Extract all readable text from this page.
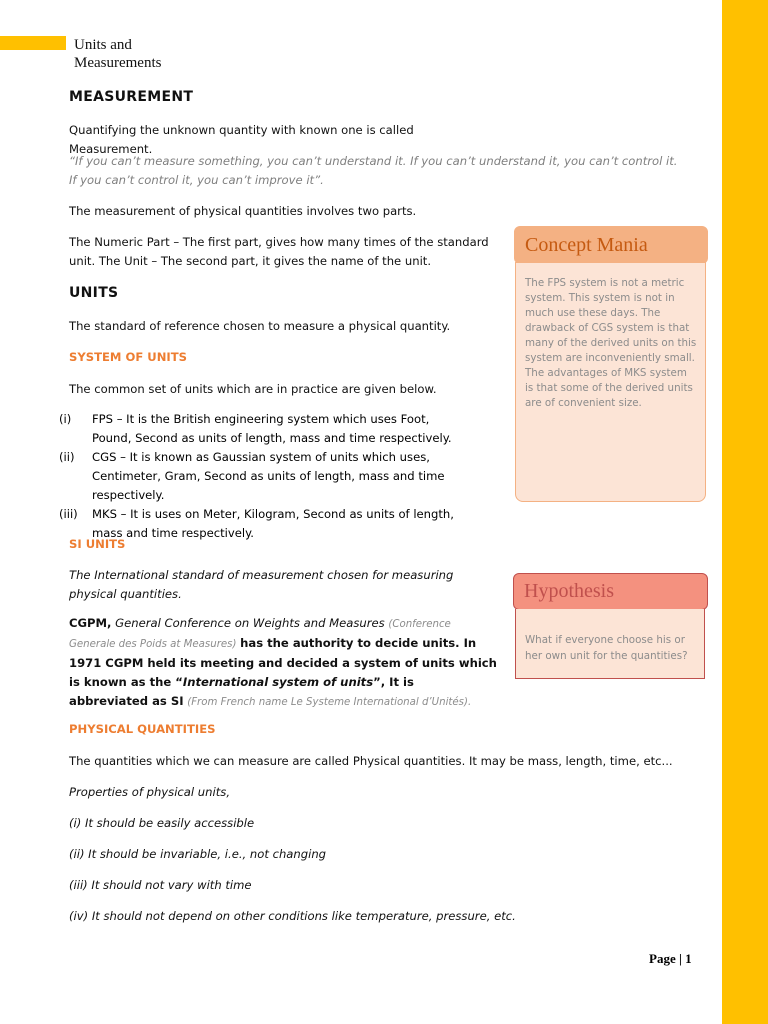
Units and
Measurements
MEASUREMENT
Quantifying the unknown quantity with known one is called Measurement.
“If you can’t measure something, you can’t understand it. If you can’t understand it, you can’t control it. If you can’t control it, you can’t improve it”.
The measurement of physical quantities involves two parts.
The Numeric Part – The first part, gives how many times of the standard unit. The Unit – The second part, it gives the name of the unit.
UNITS
The standard of reference chosen to measure a physical quantity.
SYSTEM OF UNITS
The common set of units which are in practice are given below.
(i)	FPS – It is the British engineering system which uses Foot, Pound, Second as units of length, mass and time respectively.
(ii)	CGS – It is known as Gaussian system of units which uses, Centimeter, Gram, Second as units of length, mass and time respectively.
(iii)	MKS – It is uses on Meter, Kilogram, Second as units of length, mass and time respectively.
SI UNITS
The International standard of measurement chosen for measuring physical quantities.
CGPM, General Conference on Weights and Measures (Conference Generale des Poids at Measures) has the authority to decide units. In 1971 CGPM held its meeting and decided a system of units which is known as the “International system of units”, It is abbreviated as SI (From French name Le Systeme International d’Unités).
PHYSICAL QUANTITIES
The quantities which we can measure are called Physical quantities. It may be mass, length, time, etc...
Properties of physical units,
(i) It should be easily accessible
(ii) It should be invariable, i.e., not changing
(iii) It should not vary with time
(iv) It should not depend on other conditions like temperature, pressure, etc.
Concept Mania
The FPS system is not a metric system. This system is not in much use these days. The drawback of CGS system is that many of the derived units on this system are inconveniently small. The advantages of MKS system is that some of the derived units are of convenient size.
Hypothesis
What if everyone choose his or her own unit for the quantities?
Page | 1
